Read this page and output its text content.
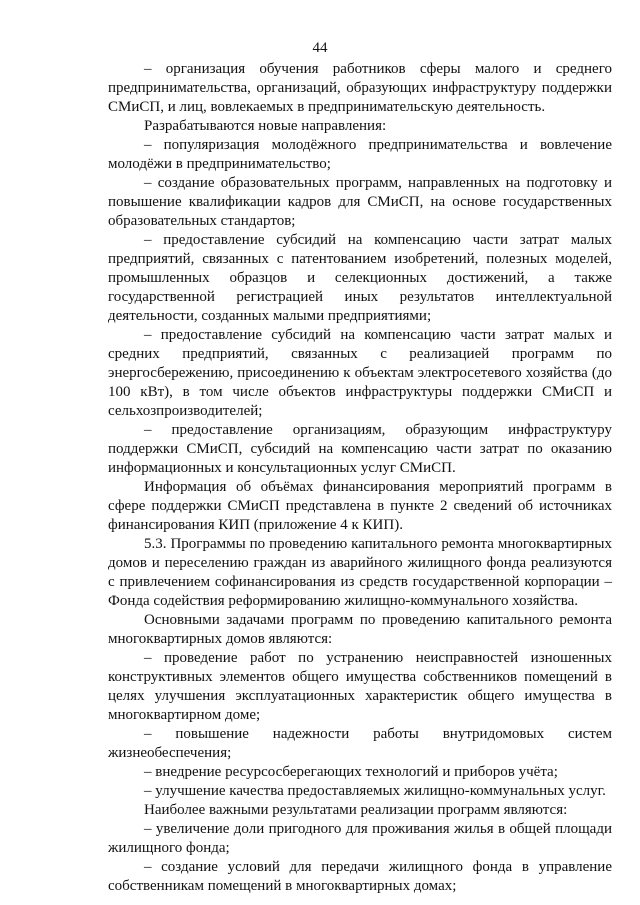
44

– организация обучения работников сферы малого и среднего предпринимательства, организаций, образующих инфраструктуру поддержки СМиСП, и лиц, вовлекаемых в предпринимательскую деятельность.

Разрабатываются новые направления:

– популяризация молодёжного предпринимательства и вовлечение молодёжи в предпринимательство;

– создание образовательных программ, направленных на подготовку и повышение квалификации кадров для СМиСП, на основе государственных образовательных стандартов;

– предоставление субсидий на компенсацию части затрат малых предприятий, связанных с патентованием изобретений, полезных моделей, промышленных образцов и селекционных достижений, а также государственной регистрацией иных результатов интеллектуальной деятельности, созданных малыми предприятиями;

– предоставление субсидий на компенсацию части затрат малых и средних предприятий, связанных с реализацией программ по энергосбережению, присоединению к объектам электросетевого хозяйства (до 100 кВт), в том числе объектов инфраструктуры поддержки СМиСП и сельхозпроизводителей;

– предоставление организациям, образующим инфраструктуру поддержки СМиСП, субсидий на компенсацию части затрат по оказанию информационных и консультационных услуг СМиСП.

Информация об объёмах финансирования мероприятий программ в сфере поддержки СМиСП представлена в пункте 2 сведений об источниках финансирования КИП (приложение 4 к КИП).

5.3. Программы по проведению капитального ремонта многоквартирных домов и переселению граждан из аварийного жилищного фонда реализуются с привлечением софинансирования из средств государственной корпорации – Фонда содействия реформированию жилищно-коммунального хозяйства.

Основными задачами программ по проведению капитального ремонта многоквартирных домов являются:

– проведение работ по устранению неисправностей изношенных конструктивных элементов общего имущества собственников помещений в целях улучшения эксплуатационных характеристик общего имущества в многоквартирном доме;

– повышение надежности работы внутридомовых систем жизнеобеспечения;

– внедрение ресурсосберегающих технологий и приборов учёта;

– улучшение качества предоставляемых жилищно-коммунальных услуг.

Наиболее важными результатами реализации программ являются:

– увеличение доли пригодного для проживания жилья в общей площади жилищного фонда;

– создание условий для передачи жилищного фонда в управление собственникам помещений в многоквартирных домах;
